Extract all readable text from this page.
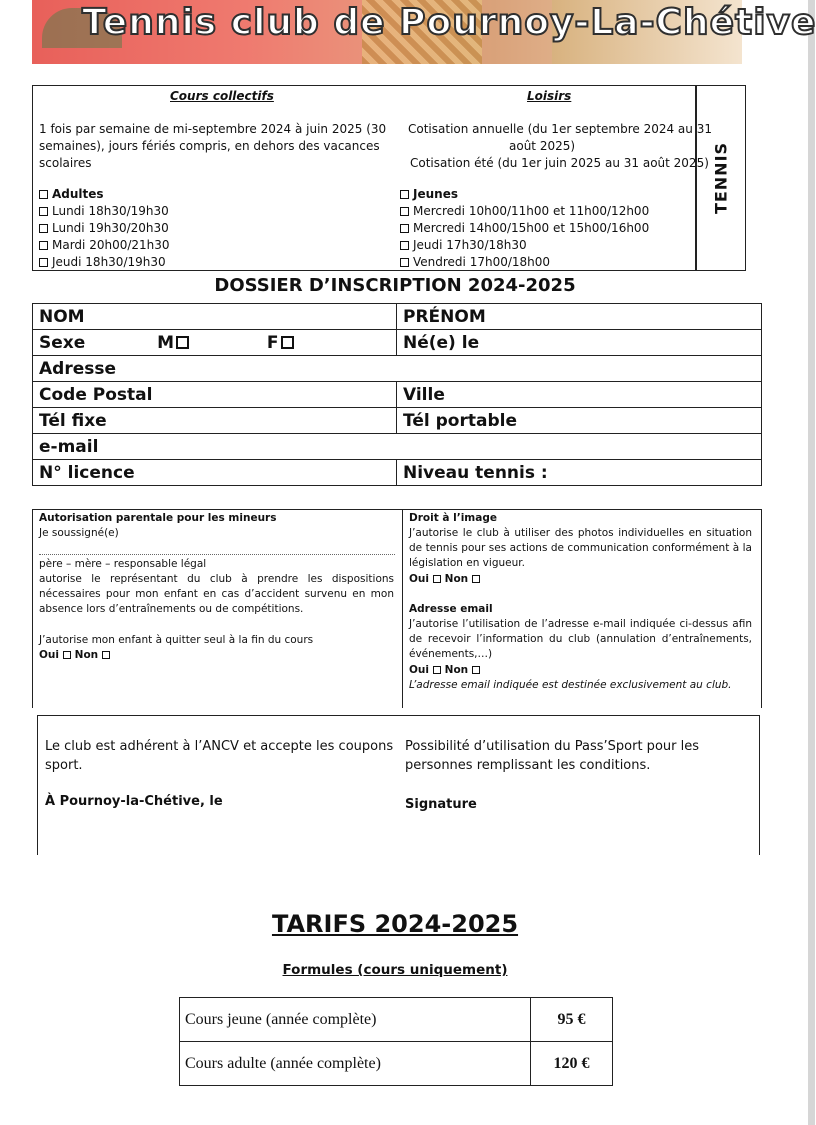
Tennis club de Pournoy-La-Chétive
TENNIS
Cours collectifs
1 fois par semaine de mi-septembre 2024 à juin 2025 (30
semaines), jours fériés compris, en dehors des vacances
scolaires
Adultes
Lundi 18h30/19h30
Lundi 19h30/20h30
Mardi 20h00/21h30
Jeudi 18h30/19h30
Loisirs
Cotisation annuelle (du 1er septembre 2024 au 31
août 2025)
Cotisation été (du 1er juin 2025 au 31 août 2025)
Jeunes
Mercredi 10h00/11h00 et 11h00/12h00
Mercredi 14h00/15h00 et 15h00/16h00
Jeudi 17h30/18h30
Vendredi 17h00/18h00
DOSSIER D’INSCRIPTION 2024-2025
NOM	PRÉNOM
Sexe M F	Né(e) le
Adresse	
Code Postal	Ville
Tél fixe	Tél portable
e-mail	
N° licence	Niveau tennis :
Autorisation parentale pour les mineurs
Je soussigné(e)
père – mère – responsable légal
autorise le représentant du club à prendre les dispositions nécessaires pour mon enfant en cas d’accident survenu en mon absence lors d’entraînements ou de compétitions.
J’autorise mon enfant à quitter seul à la fin du cours
Oui Non
Droit à l’image
J’autorise le club à utiliser des photos individuelles en situation de tennis pour ses actions de communication conformément à la législation en vigueur.
Oui Non
Adresse email
J’autorise l’utilisation de l’adresse e-mail indiquée ci-dessus afin de recevoir l’information du club (annulation d’entraînements, événements,…)
Oui Non
L’adresse email indiquée est destinée exclusivement au club.
Le club est adhérent à l’ANCV et accepte les coupons
sport.
À Pournoy-la-Chétive, le
Possibilité d’utilisation du Pass’Sport pour les
personnes remplissant les conditions.
Signature
TARIFS 2024-2025
Formules (cours uniquement)
Cours jeune (année complète)	95 €
Cours adulte (année complète)	120 €
